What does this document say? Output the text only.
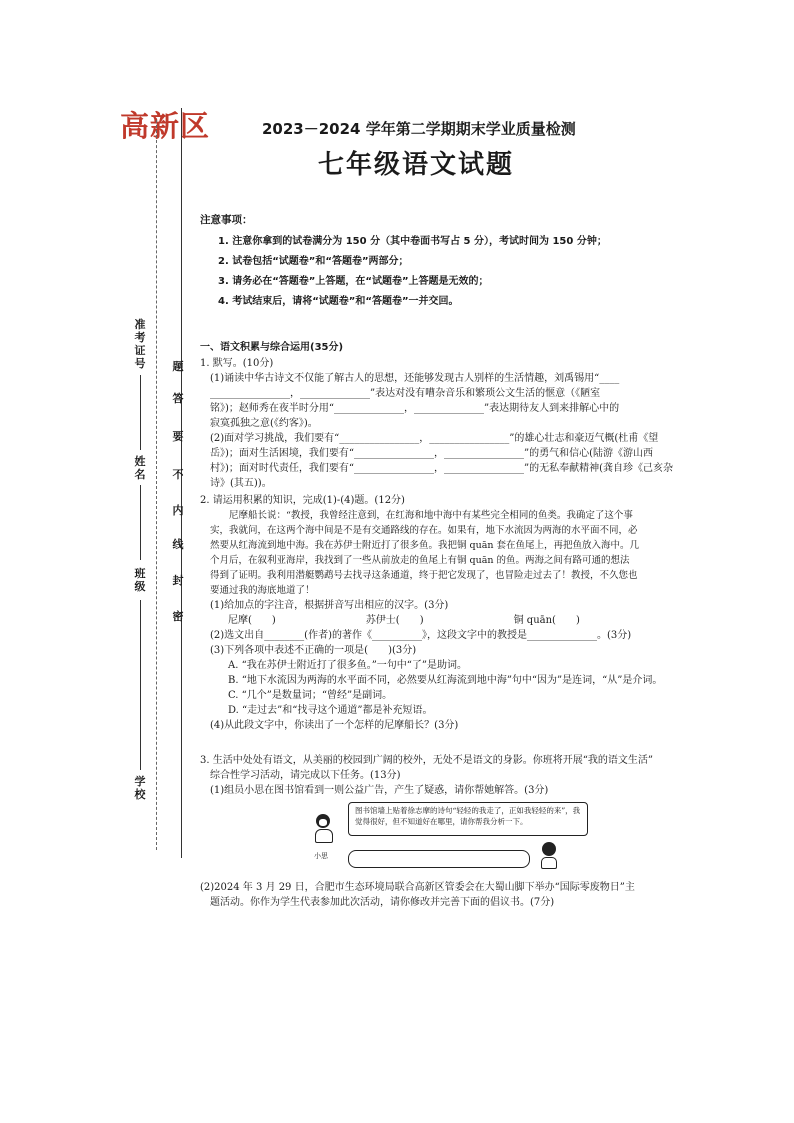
高新区	2023－2024 学年第二学期期末学业质量检测
七年级语文试题
准考证号
姓名
班级
学校
题
答
要
不
内
线
封
密
注意事项：
1. 注意你拿到的试卷满分为 150 分（其中卷面书写占 5 分），考试时间为 150 分钟；
2. 试卷包括“试题卷”和“答题卷”两部分；
3. 请务必在“答题卷”上答题，在“试题卷”上答题是无效的；
4. 考试结束后，请将“试题卷”和“答题卷”一并交回。
一、语文积累与综合运用(35分)
1. 默写。(10分)
(1)诵读中华古诗文不仅能了解古人的思想，还能够发现古人别样的生活情趣，刘禹锡用“____
________________，______________”表达对没有嘈杂音乐和繁琐公文生活的惬意（《陋室
铭》)；赵师秀在夜半时分用“______________，______________”表达期待友人到来排解心中的
寂寞孤独之意(《约客》)。
(2)面对学习挑战，我们要有“________________，________________”的雄心壮志和豪迈气概(杜甫《望
岳》)；面对生活困境，我们要有“________________，________________”的勇气和信心(陆游《游山西
村》)；面对时代责任，我们要有“________________，________________”的无私奉献精神(龚自珍《己亥杂
诗》(其五))。
2. 请运用积累的知识，完成(1)-(4)题。(12分)
尼摩船长说：“教授，我曾经注意到，在红海和地中海中有某些完全相同的鱼类。我确定了这个事
实，我就问，在这两个海中间是不是有交通路线的存在。如果有，地下水流因为两海的水平面不同，必
然要从红海流到地中海。我在苏伊士附近打了很多鱼。我把铜 quān 套在鱼尾上，再把鱼放入海中。几
个月后，在叙利亚海岸，我找到了一些从前放走的鱼尾上有铜 quān 的鱼。两海之间有路可通的想法
得到了证明。我利用潜艇鹦鹉号去找寻这条通道，终于把它发现了，也冒险走过去了！教授，不久您也
要通过我的海底地道了！
(1)给加点的字注音，根据拼音写出相应的汉字。(3分)
尼摩(　　)	苏伊士(　　)	铜 quān(　　)
(2)选文出自________(作者)的著作《__________》，这段文字中的教授是______________。(3分)
(3)下列各项中表述不正确的一项是(　　)(3分)
A. “我在苏伊士附近打了很多鱼。”一句中“了”是助词。
B. “地下水流因为两海的水平面不同，必然要从红海流到地中海”句中“因为”是连词，“从”是介词。
C. “几个”是数量词；“曾经”是副词。
D. “走过去”和“找寻这个通道”都是补充短语。
(4)从此段文字中，你读出了一个怎样的尼摩船长？(3分)
3. 生活中处处有语文，从美丽的校园到广阔的校外，无处不是语文的身影。你班将开展“我的语文生活”
综合性学习活动，请完成以下任务。(13分)
(1)组员小思在图书馆看到一则公益广告，产生了疑惑，请你帮她解答。(3分)
小思
图书馆墙上贴着徐志摩的诗句“轻轻的我走了，正如我轻轻的来”，我觉得很好，但不知道好在哪里，请你帮我分析一下。
(2)2024 年 3 月 29 日，合肥市生态环境局联合高新区管委会在大蜀山脚下举办“国际零废物日”主
题活动。你作为学生代表参加此次活动，请你修改并完善下面的倡议书。(7分)
